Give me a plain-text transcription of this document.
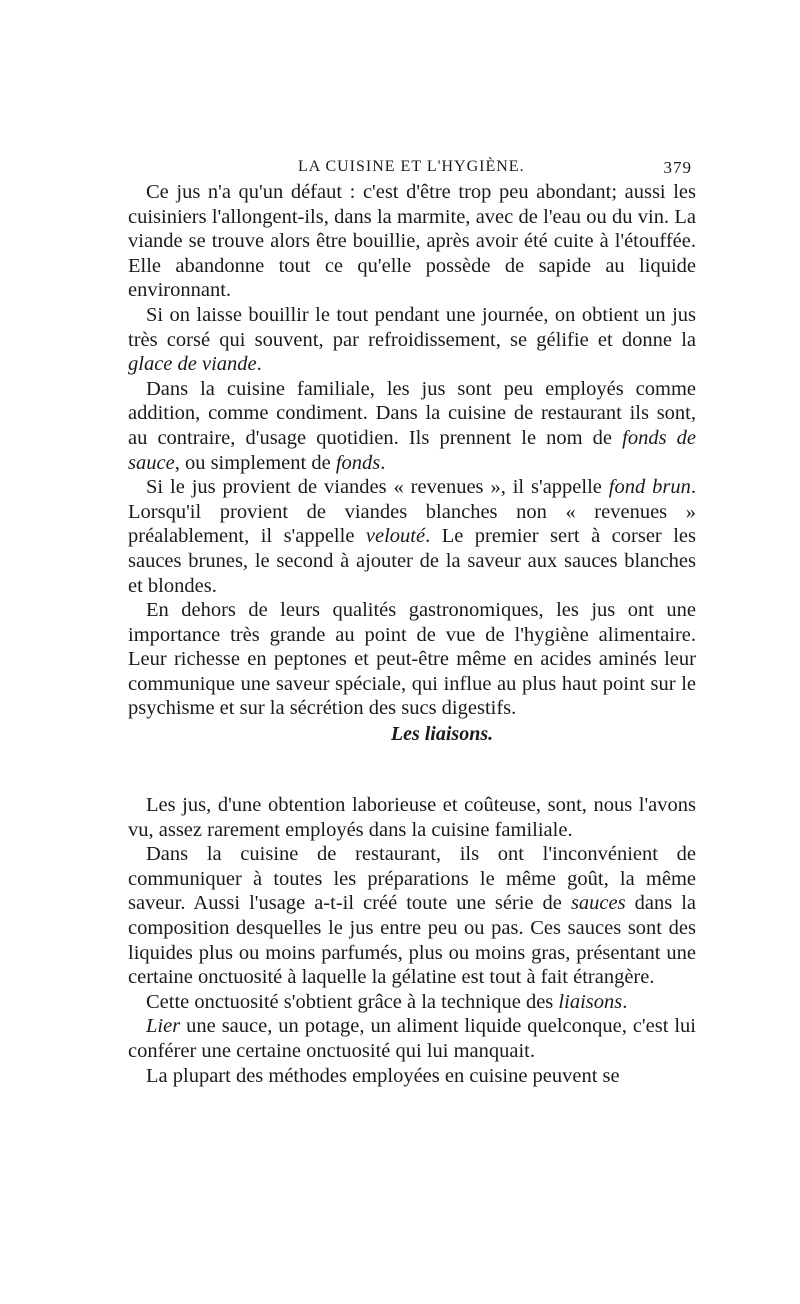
LA CUISINE ET L'HYGIÈNE.	379

Ce jus n'a qu'un défaut : c'est d'être trop peu abondant; aussi les cuisiniers l'allongent-ils, dans la marmite, avec de l'eau ou du vin. La viande se trouve alors être bouillie, après avoir été cuite à l'étouffée. Elle abandonne tout ce qu'elle possède de sapide au liquide environnant.

Si on laisse bouillir le tout pendant une journée, on obtient un jus très corsé qui souvent, par refroidissement, se gélifie et donne la glace de viande.

Dans la cuisine familiale, les jus sont peu employés comme addition, comme condiment. Dans la cuisine de restaurant ils sont, au contraire, d'usage quotidien. Ils prennent le nom de fonds de sauce, ou simplement de fonds.

Si le jus provient de viandes « revenues », il s'appelle fond brun. Lorsqu'il provient de viandes blanches non « revenues » préalablement, il s'appelle velouté. Le premier sert à corser les sauces brunes, le second à ajouter de la saveur aux sauces blanches et blondes.

En dehors de leurs qualités gastronomiques, les jus ont une importance très grande au point de vue de l'hygiène alimentaire. Leur richesse en peptones et peut-être même en acides aminés leur communique une saveur spéciale, qui influe au plus haut point sur le psychisme et sur la sécrétion des sucs digestifs.

Les liaisons.

Les jus, d'une obtention laborieuse et coûteuse, sont, nous l'avons vu, assez rarement employés dans la cuisine familiale.

Dans la cuisine de restaurant, ils ont l'inconvénient de communiquer à toutes les préparations le même goût, la même saveur. Aussi l'usage a-t-il créé toute une série de sauces dans la composition desquelles le jus entre peu ou pas. Ces sauces sont des liquides plus ou moins parfumés, plus ou moins gras, présentant une certaine onctuosité à laquelle la gélatine est tout à fait étrangère.

Cette onctuosité s'obtient grâce à la technique des liaisons.

Lier une sauce, un potage, un aliment liquide quelconque, c'est lui conférer une certaine onctuosité qui lui manquait.

La plupart des méthodes employées en cuisine peuvent se
